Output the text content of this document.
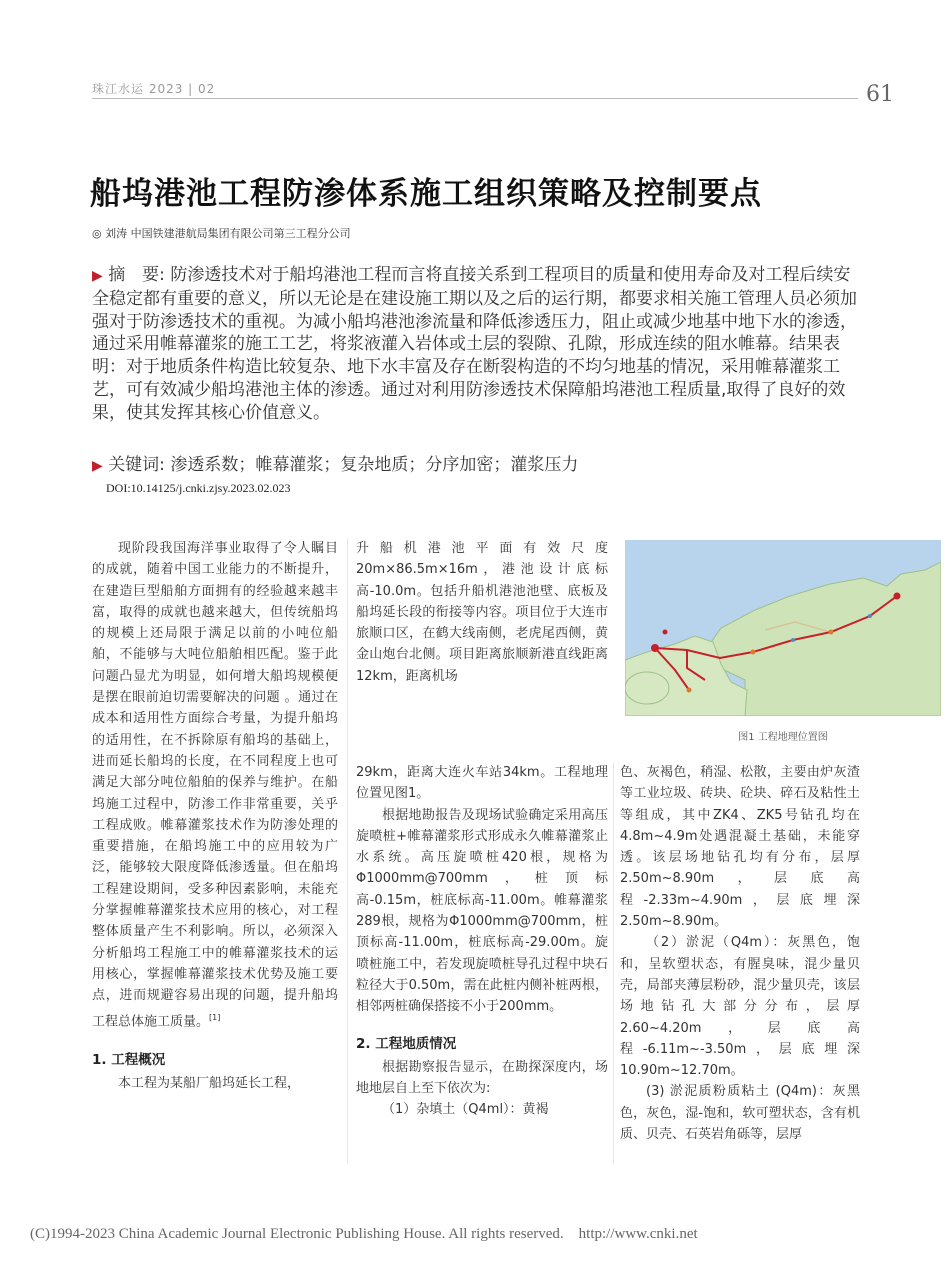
珠江水运 2023 | 02	61
船坞港池工程防渗体系施工组织策略及控制要点
◎ 刘涛 中国铁建港航局集团有限公司第三工程分公司
▶ 摘　要: 防渗透技术对于船坞港池工程而言将直接关系到工程项目的质量和使用寿命及对工程后续安全稳定都有重要的意义，所以无论是在建设施工期以及之后的运行期，都要求相关施工管理人员必须加强对于防渗透技术的重视。为减小船坞港池渗流量和降低渗透压力，阻止或减少地基中地下水的渗透，通过采用帷幕灌浆的施工工艺，将浆液灌入岩体或土层的裂隙、孔隙，形成连续的阻水帷幕。结果表明：对于地质条件构造比较复杂、地下水丰富及存在断裂构造的不均匀地基的情况，采用帷幕灌浆工艺，可有效减少船坞港池主体的渗透。通过对利用防渗透技术保障船坞港池工程质量,取得了良好的效果，使其发挥其核心价值意义。
▶ 关键词: 渗透系数；帷幕灌浆；复杂地质；分序加密；灌浆压力
DOI:10.14125/j.cnki.zjsy.2023.02.023

现阶段我国海洋事业取得了令人瞩目的成就，随着中国工业能力的不断提升，在建造巨型船舶方面拥有的经验越来越丰富，取得的成就也越来越大，但传统船坞的规模上还局限于满足以前的小吨位船舶，不能够与大吨位船舶相匹配。鉴于此问题凸显尤为明显，如何增大船坞规模便是摆在眼前迫切需要解决的问题 。通过在成本和适用性方面综合考量，为提升船坞的适用性，在不拆除原有船坞的基础上，进而延长船坞的长度，在不同程度上也可满足大部分吨位船舶的保养与维护。在船坞施工过程中，防渗工作非常重要，关乎工程成败。帷幕灌浆技术作为防渗处理的重要措施，在船坞施工中的应用较为广泛，能够较大限度降低渗透量。但在船坞工程建设期间，受多种因素影响，未能充分掌握帷幕灌浆技术应用的核心，对工程整体质量产生不利影响。所以，必须深入分析船坞工程施工中的帷幕灌浆技术的运用核心，掌握帷幕灌浆技术优势及施工要点，进而规避容易出现的问题，提升船坞工程总体施工质量。[1]

1. 工程概况

本工程为某船厂船坞延长工程，

升船机港池平面有效尺度20m×86.5m×16m，港池设计底标高-10.0m。包括升船机港池池壁、底板及船坞延长段的衔接等内容。项目位于大连市旅顺口区，在鹤大线南侧，老虎尾西侧，黄金山炮台北侧。项目距离旅顺新港直线距离12km，距离机场

图1 工程地理位置图

29km，距离大连火车站34km。工程地理位置见图1。

根据地勘报告及现场试验确定采用高压旋喷桩+帷幕灌浆形式形成永久帷幕灌浆止水系统。高压旋喷桩420根，规格为Φ1000mm@700mm，桩顶标高-0.15m，桩底标高-11.00m。帷幕灌浆289根，规格为Φ1000mm@700mm，桩顶标高-11.00m，桩底标高-29.00m。旋喷桩施工中，若发现旋喷桩导孔过程中块石粒径大于0.50m，需在此桩内侧补桩两根，相邻两桩确保搭接不小于200mm。

2. 工程地质情况

根据勘察报告显示，在勘探深度内，场地地层自上至下依次为:

（1）杂填土（Q4ml）：黄褐

色、灰褐色，稍湿、松散，主要由炉灰渣等工业垃圾、砖块、砼块、碎石及粘性土等组成，其中ZK4、ZK5号钻孔均在4.8m~4.9m处遇混凝土基础，未能穿透。该层场地钻孔均有分布，层厚2.50m~8.90m，层底高程-2.33m~4.90m，层底埋深2.50m~8.90m。

（2）淤泥（Q4m）：灰黑色，饱和，呈软塑状态，有腥臭味，混少量贝壳，局部夹薄层粉砂，混少量贝壳，该层场地钻孔大部分分布，层厚2.60~4.20m，层底高程-6.11m~-3.50m，层底埋深10.90m~12.70m。

(3) 淤泥质粉质粘土 (Q4m)：灰黑色，灰色，湿-饱和，软可塑状态，含有机质、贝壳、石英岩角砾等，层厚

(C)1994-2023 China Academic Journal Electronic Publishing House. All rights reserved.    http://www.cnki.net
